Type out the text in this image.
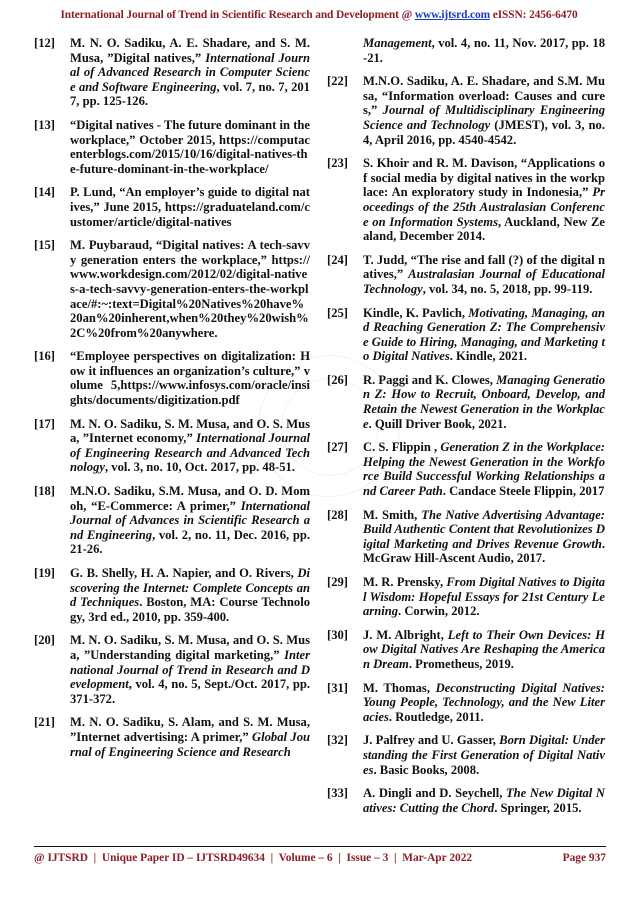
International Journal of Trend in Scientific Research and Development @ www.ijtsrd.com eISSN: 2456-6470
[12]	M. N. O. Sadiku, A. E. Shadare, and S. M. Musa, ”Digital natives,” International Journal of Advanced Research in Computer Science and Software Engineering, vol. 7, no. 7, 2017, pp. 125-126.
[13]	“Digital natives - The future dominant in the workplace,” October 2015, https://computacenterblogs.com/2015/10/16/digital-natives-the-future-dominant-in-the-workplace/
[14]	P. Lund, “An employer’s guide to digital natives,” June 2015, https://graduateland.com/customer/article/digital-natives
[15]	M. Puybaraud, “Digital natives: A tech-savvy generation enters the workplace,” https://www.workdesign.com/2012/02/digital-natives-a-tech-savvy-generation-enters-the-workplace/#:~:text=Digital%20Natives%20have%20an%20inherent,when%20they%20wish%2C%20from%20anywhere.
[16]	“Employee perspectives on digitalization: How it influences an organization’s culture,” volume 5,https://www.infosys.com/oracle/insights/documents/digitization.pdf
[17]	M. N. O. Sadiku, S. M. Musa, and O. S. Musa, ”Internet economy,” International Journal of Engineering Research and Advanced Technology, vol. 3, no. 10, Oct. 2017, pp. 48-51.
[18]	M.N.O. Sadiku, S.M. Musa, and O. D. Momoh, “E-Commerce: A primer,” International Journal of Advances in Scientific Research and Engineering, vol. 2, no. 11, Dec. 2016, pp. 21-26.
[19]	G. B. Shelly, H. A. Napier, and O. Rivers, Discovering the Internet: Complete Concepts and Techniques. Boston, MA: Course Technology, 3rd ed., 2010, pp. 359-400.
[20]	M. N. O. Sadiku, S. M. Musa, and O. S. Musa, ”Understanding digital marketing,” International Journal of Trend in Research and Development, vol. 4, no. 5, Sept./Oct. 2017, pp. 371-372.
[21]	M. N. O. Sadiku, S. Alam, and S. M. Musa, ”Internet advertising: A primer,” Global Journal of Engineering Science and Research
Management, vol. 4, no. 11, Nov. 2017, pp. 18-21.
[22]	M.N.O. Sadiku, A. E. Shadare, and S.M. Musa, “Information overload: Causes and cures,” Journal of Multidisciplinary Engineering Science and Technology (JMEST), vol. 3, no. 4, April 2016, pp. 4540-4542.
[23]	S. Khoir and R. M. Davison, “Applications of social media by digital natives in the workplace: An exploratory study in Indonesia,” Proceedings of the 25th Australasian Conference on Information Systems, Auckland, New Zealand, December 2014.
[24]	T. Judd, “The rise and fall (?) of the digital natives,” Australasian Journal of Educational Technology, vol. 34, no. 5, 2018, pp. 99-119.
[25]	Kindle, K. Pavlich, Motivating, Managing, and Reaching Generation Z: The Comprehensive Guide to Hiring, Managing, and Marketing to Digital Natives. Kindle, 2021.
[26]	R. Paggi and K. Clowes, Managing Generation Z: How to Recruit, Onboard, Develop, and Retain the Newest Generation in the Workplace. Quill Driver Book, 2021.
[27]	C. S. Flippin , Generation Z in the Workplace: Helping the Newest Generation in the Workforce Build Successful Working Relationships and Career Path. Candace Steele Flippin, 2017
[28]	M. Smith, The Native Advertising Advantage: Build Authentic Content that Revolutionizes Digital Marketing and Drives Revenue Growth. McGraw Hill-Ascent Audio, 2017.
[29]	M. R. Prensky, From Digital Natives to Digital Wisdom: Hopeful Essays for 21st Century Learning. Corwin, 2012.
[30]	J. M. Albright, Left to Their Own Devices: How Digital Natives Are Reshaping the American Dream. Prometheus, 2019.
[31]	M. Thomas, Deconstructing Digital Natives: Young People, Technology, and the New Literacies. Routledge, 2011.
[32]	J. Palfrey and U. Gasser, Born Digital: Understanding the First Generation of Digital Natives. Basic Books, 2008.
[33]	A. Dingli and D. Seychell, The New Digital Natives: Cutting the Chord. Springer, 2015.
@ IJTSRD  |  Unique Paper ID – IJTSRD49634  |  Volume – 6  |  Issue – 3  |  Mar-Apr 2022	Page 937
